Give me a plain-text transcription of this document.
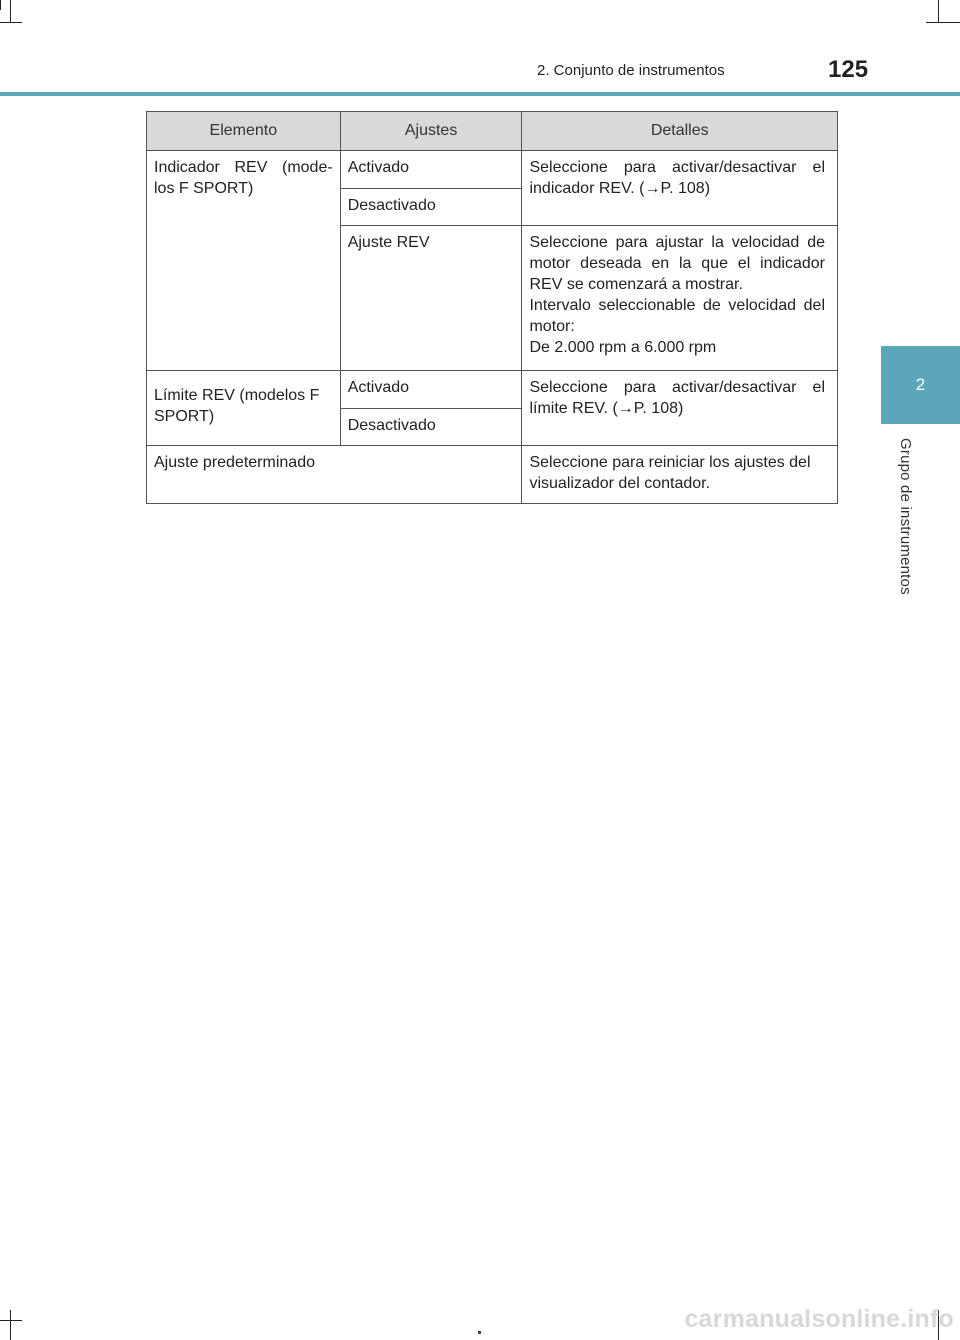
2. Conjunto de instrumentos	125
2
Grupo de instrumentos
Elemento	Ajustes	Detalles
Indicador REV (mode-los F SPORT)	Activado	Seleccione para activar/desactivar el indicador REV. (→P. 108)
	Desactivado	
	Ajuste REV	Seleccione para ajustar la velocidad de motor deseada en la que el indicador REV se comenzará a mostrar.
Intervalo seleccionable de velocidad del motor:
De 2.000 rpm a 6.000 rpm

Límite REV (modelos F SPORT)	Activado	Seleccione para activar/desactivar el límite REV. (→P. 108)
	Desactivado	
Ajuste predeterminado		Seleccione para reiniciar los ajustes del visualizador del contador.
carmanualsonline.info
